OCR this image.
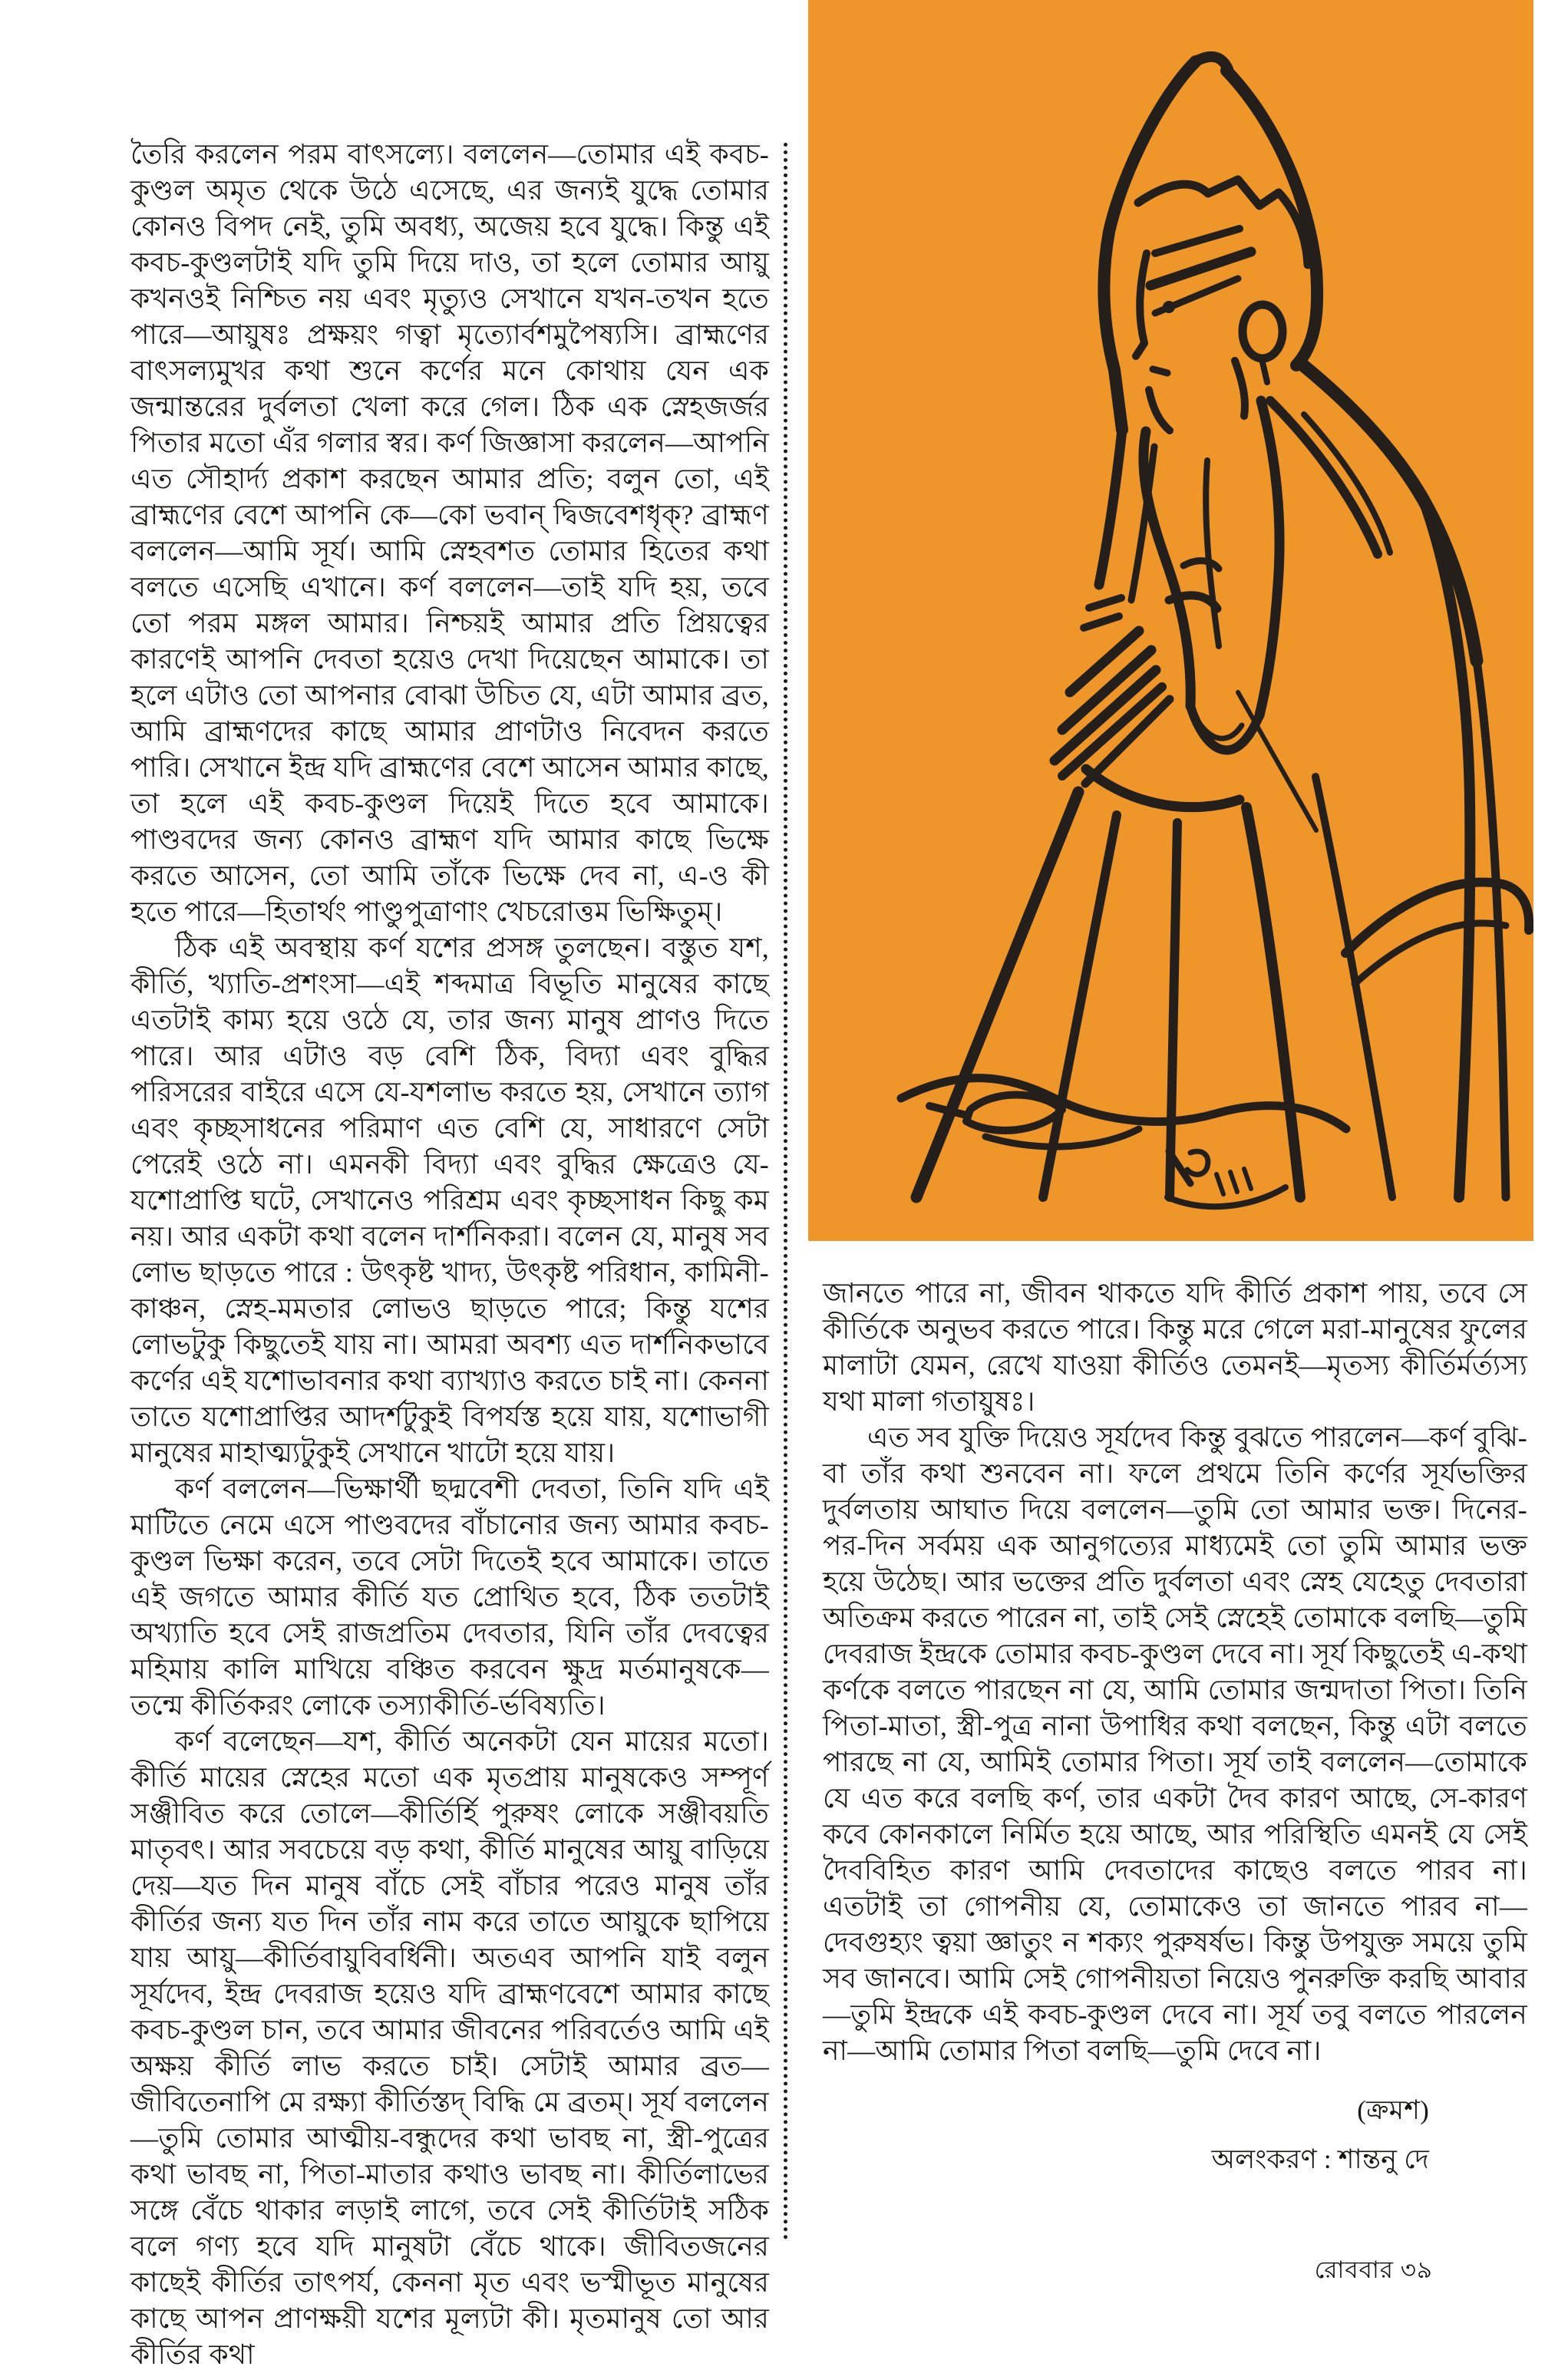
তৈরি করলেন পরম বাৎসল্যে। বললেন—তোমার এই কবচ-কুণ্ডল অমৃত থেকে উঠে এসেছে, এর জন্যই যুদ্ধে তোমার কোনও বিপদ নেই, তুমি অবধ্য, অজেয় হবে যুদ্ধে। কিন্তু এই কবচ-কুণ্ডলটাই যদি তুমি দিয়ে দাও, তা হলে তোমার আয়ু কখনওই নিশ্চিত নয় এবং মৃত্যুও সেখানে যখন-তখন হতে পারে—আয়ুষঃ প্রক্ষয়ং গত্বা মৃত্যোর্বশমুপৈষ্যসি। ব্রাহ্মণের বাৎসল্যমুখর কথা শুনে কর্ণের মনে কোথায় যেন এক জন্মান্তরের দুর্বলতা খেলা করে গেল। ঠিক এক স্নেহজর্জর পিতার মতো এঁর গলার স্বর। কর্ণ জিজ্ঞাসা করলেন—আপনি এত সৌহার্দ্য প্রকাশ করছেন আমার প্রতি; বলুন তো, এই ব্রাহ্মণের বেশে আপনি কে—কো ভবান্ দ্বিজবেশধৃক্? ব্রাহ্মণ বললেন—আমি সূর্য। আমি স্নেহবশত তোমার হিতের কথা বলতে এসেছি এখানে। কর্ণ বললেন—তাই যদি হয়, তবে তো পরম মঙ্গল আমার। নিশ্চয়ই আমার প্রতি প্রিয়ত্বের কারণেই আপনি দেবতা হয়েও দেখা দিয়েছেন আমাকে। তা হলে এটাও তো আপনার বোঝা উচিত যে, এটা আমার ব্রত, আমি ব্রাহ্মণদের কাছে আমার প্রাণটাও নিবেদন করতে পারি। সেখানে ইন্দ্র যদি ব্রাহ্মণের বেশে আসেন আমার কাছে, তা হলে এই কবচ-কুণ্ডল দিয়েই দিতে হবে আমাকে। পাণ্ডবদের জন্য কোনও ব্রাহ্মণ যদি আমার কাছে ভিক্ষে করতে আসেন, তো আমি তাঁকে ভিক্ষে দেব না, এ-ও কী হতে পারে—হিতার্থং পাণ্ডুপুত্রাণাং খেচরোত্তম ভিক্ষিতুম্।

ঠিক এই অবস্থায় কর্ণ যশের প্রসঙ্গ তুলছেন। বস্তুত যশ, কীর্তি, খ্যাতি-প্রশংসা—এই শব্দমাত্র বিভূতি মানুষের কাছে এতটাই কাম্য হয়ে ওঠে যে, তার জন্য মানুষ প্রাণও দিতে পারে। আর এটাও বড় বেশি ঠিক, বিদ্যা এবং বুদ্ধির পরিসরের বাইরে এসে যে-যশলাভ করতে হয়, সেখানে ত্যাগ এবং কৃচ্ছসাধনের পরিমাণ এত বেশি যে, সাধারণে সেটা পেরেই ওঠে না। এমনকী বিদ্যা এবং বুদ্ধির ক্ষেত্রেও যে-যশোপ্রাপ্তি ঘটে, সেখানেও পরিশ্রম এবং কৃচ্ছসাধন কিছু কম নয়। আর একটা কথা বলেন দার্শনিকরা। বলেন যে, মানুষ সব লোভ ছাড়তে পারে : উৎকৃষ্ট খাদ্য, উৎকৃষ্ট পরিধান, কামিনী-কাঞ্চন, স্নেহ-মমতার লোভও ছাড়তে পারে; কিন্তু যশের লোভটুকু কিছুতেই যায় না। আমরা অবশ্য এত দার্শনিকভাবে কর্ণের এই যশোভাবনার কথা ব্যাখ্যাও করতে চাই না। কেননা তাতে যশোপ্রাপ্তির আদর্শটুকুই বিপর্যস্ত হয়ে যায়, যশোভাগী মানুষের মাহাত্ম্যটুকুই সেখানে খাটো হয়ে যায়।

কর্ণ বললেন—ভিক্ষার্থী ছদ্মবেশী দেবতা, তিনি যদি এই মাটিতে নেমে এসে পাণ্ডবদের বাঁচানোর জন্য আমার কবচ-কুণ্ডল ভিক্ষা করেন, তবে সেটা দিতেই হবে আমাকে। তাতে এই জগতে আমার কীর্তি যত প্রোথিত হবে, ঠিক ততটাই অখ্যাতি হবে সেই রাজপ্রতিম দেবতার, যিনি তাঁর দেবত্বের মহিমায় কালি মাখিয়ে বঞ্চিত করবেন ক্ষুদ্র মর্তমানুষকে—তন্মে কীর্তিকরং লোকে তস্যাকীর্তি-র্ভবিষ্যতি।

কর্ণ বলেছেন—যশ, কীর্তি অনেকটা যেন মায়ের মতো। কীর্তি মায়ের স্নেহের মতো এক মৃতপ্রায় মানুষকেও সম্পূর্ণ সঞ্জীবিত করে তোলে—কীর্তির্হি পুরুষং লোকে সঞ্জীবয়তি মাতৃবৎ। আর সবচেয়ে বড় কথা, কীর্তি মানুষের আয়ু বাড়িয়ে দেয়—যত দিন মানুষ বাঁচে সেই বাঁচার পরেও মানুষ তাঁর কীর্তির জন্য যত দিন তাঁর নাম করে তাতে আয়ুকে ছাপিয়ে যায় আয়ু—কীর্তিবায়ুবিবর্ধিনী। অতএব আপনি যাই বলুন সূর্যদেব, ইন্দ্র দেবরাজ হয়েও যদি ব্রাহ্মণবেশে আমার কাছে কবচ-কুণ্ডল চান, তবে আমার জীবনের পরিবর্তেও আমি এই অক্ষয় কীর্তি লাভ করতে চাই। সেটাই আমার ব্রত—জীবিতেনাপি মে রক্ষ্যা কীর্তিস্তদ্ বিদ্ধি মে ব্রতম্। সূর্য বললেন—তুমি তোমার আত্মীয়-বন্ধুদের কথা ভাবছ না, স্ত্রী-পুত্রের কথা ভাবছ না, পিতা-মাতার কথাও ভাবছ না। কীর্তিলাভের সঙ্গে বেঁচে থাকার লড়াই লাগে, তবে সেই কীর্তিটাই সঠিক বলে গণ্য হবে যদি মানুষটা বেঁচে থাকে। জীবিতজনের কাছেই কীর্তির তাৎপর্য, কেননা মৃত এবং ভস্মীভূত মানুষের কাছে আপন প্রাণক্ষয়ী যশের মূল্যটা কী। মৃতমানুষ তো আর কীর্তির কথা

জানতে পারে না, জীবন থাকতে যদি কীর্তি প্রকাশ পায়, তবে সে কীর্তিকে অনুভব করতে পারে। কিন্তু মরে গেলে মরা-মানুষের ফুলের মালাটা যেমন, রেখে যাওয়া কীর্তিও তেমনই—মৃতস্য কীর্তির্মর্ত্যস্য যথা মালা গতায়ুষঃ।

এত সব যুক্তি দিয়েও সূর্যদেব কিন্তু বুঝতে পারলেন—কর্ণ বুঝি-বা তাঁর কথা শুনবেন না। ফলে প্রথমে তিনি কর্ণের সূর্যভক্তির দুর্বলতায় আঘাত দিয়ে বললেন—তুমি তো আমার ভক্ত। দিনের-পর-দিন সর্বময় এক আনুগত্যের মাধ্যমেই তো তুমি আমার ভক্ত হয়ে উঠেছ। আর ভক্তের প্রতি দুর্বলতা এবং স্নেহ যেহেতু দেবতারা অতিক্রম করতে পারেন না, তাই সেই স্নেহেই তোমাকে বলছি—তুমি দেবরাজ ইন্দ্রকে তোমার কবচ-কুণ্ডল দেবে না। সূর্য কিছুতেই এ-কথা কর্ণকে বলতে পারছেন না যে, আমি তোমার জন্মদাতা পিতা। তিনি পিতা-মাতা, স্ত্রী-পুত্র নানা উপাধির কথা বলছেন, কিন্তু এটা বলতে পারছে না যে, আমিই তোমার পিতা। সূর্য তাই বললেন—তোমাকে যে এত করে বলছি কর্ণ, তার একটা দৈব কারণ আছে, সে-কারণ কবে কোনকালে নির্মিত হয়ে আছে, আর পরিস্থিতি এমনই যে সেই দৈববিহিত কারণ আমি দেবতাদের কাছেও বলতে পারব না। এতটাই তা গোপনীয় যে, তোমাকেও তা জানতে পারব না—দেবগুহ্যং ত্বয়া জ্ঞাতুং ন শক্যং পুরুষর্ষভ। কিন্তু উপযুক্ত সময়ে তুমি সব জানবে। আমি সেই গোপনীয়তা নিয়েও পুনরুক্তি করছি আবার—তুমি ইন্দ্রকে এই কবচ-কুণ্ডল দেবে না। সূর্য তবু বলতে পারলেন না—আমি তোমার পিতা বলছি—তুমি দেবে না।

(ক্রমশ)
অলংকরণ : শান্তনু দে
রোববার ৩৯
